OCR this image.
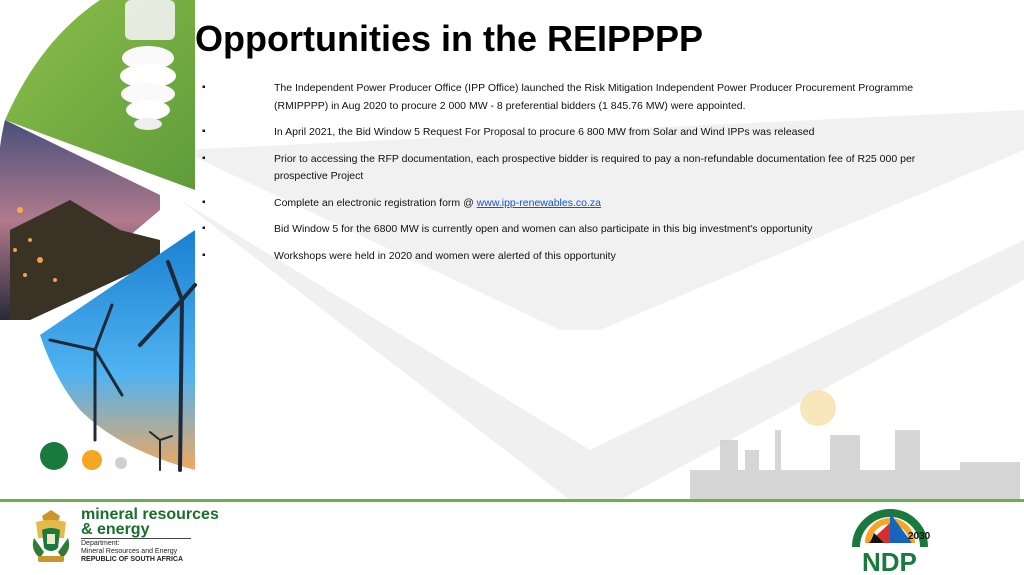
Opportunities in the REIPPPP
▪	The Independent Power Producer Office (IPP Office) launched the Risk Mitigation Independent Power Producer Procurement Programme (RMIPPPP) in Aug 2020 to procure 2 000 MW - 8 preferential bidders (1 845.76 MW) were appointed.
▪	In April 2021, the Bid Window 5 Request For Proposal to procure 6 800 MW from Solar and Wind IPPs was released
▪	Prior to accessing the RFP documentation, each prospective bidder is required to pay a non-refundable documentation fee of R25 000 per prospective Project
▪	Complete an electronic registration form @ www.ipp-renewables.co.za
▪	Bid Window 5 for the 6800 MW is currently open and women can also participate in this big investment's opportunity
▪	Workshops were held in 2020 and women were alerted of this opportunity
mineral resources
& energy
Department:
Mineral Resources and Energy
REPUBLIC OF SOUTH AFRICA
2030
NDP
